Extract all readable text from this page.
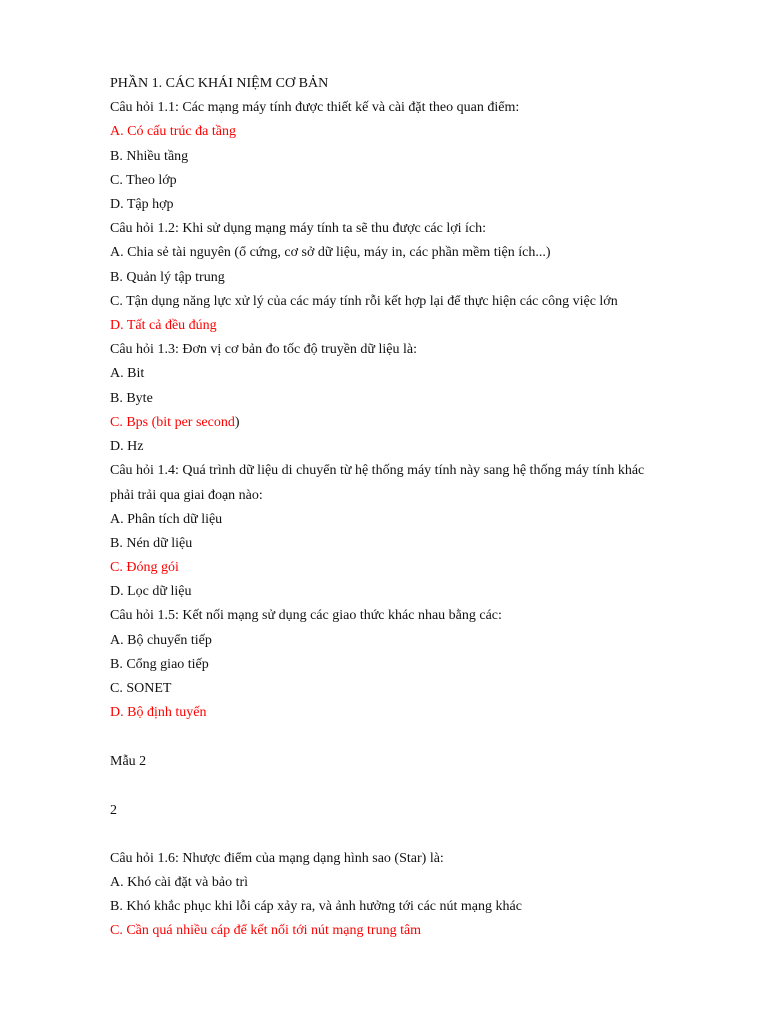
PHẦN 1. CÁC KHÁI NIỆM CƠ BẢN
Câu hỏi 1.1: Các mạng máy tính được thiết kế và cài đặt theo quan điểm:
A. Có cấu trúc đa tầng
B. Nhiều tầng
C. Theo lớp
D. Tập hợp
Câu hỏi 1.2: Khi sử dụng mạng máy tính ta sẽ thu được các lợi ích:
A. Chia sẻ tài nguyên (ổ cứng, cơ sở dữ liệu, máy in, các phần mềm tiện ích...)
B. Quản lý tập trung
C. Tận dụng năng lực xử lý của các máy tính rỗi kết hợp lại để thực hiện các công việc lớn
D. Tất cả đều đúng
Câu hỏi 1.3: Đơn vị cơ bản đo tốc độ truyền dữ liệu là:
A. Bit
B. Byte
C. Bps (bit per second)
D. Hz
Câu hỏi 1.4: Quá trình dữ liệu di chuyển từ hệ thống máy tính này sang hệ thống máy tính khác
phải trải qua giai đoạn nào:
A. Phân tích dữ liệu
B. Nén dữ liệu
C. Đóng gói
D. Lọc dữ liệu
Câu hỏi 1.5: Kết nối mạng sử dụng các giao thức khác nhau bằng các:
A. Bộ chuyển tiếp
B. Cổng giao tiếp
C. SONET
D. Bộ định tuyến
Mẫu 2
2
Câu hỏi 1.6: Nhược điểm của mạng dạng hình sao (Star) là:
A. Khó cài đặt và bảo trì
B. Khó khắc phục khi lỗi cáp xảy ra, và ảnh hưởng tới các nút mạng khác
C. Cần quá nhiều cáp để kết nối tới nút mạng trung tâm
